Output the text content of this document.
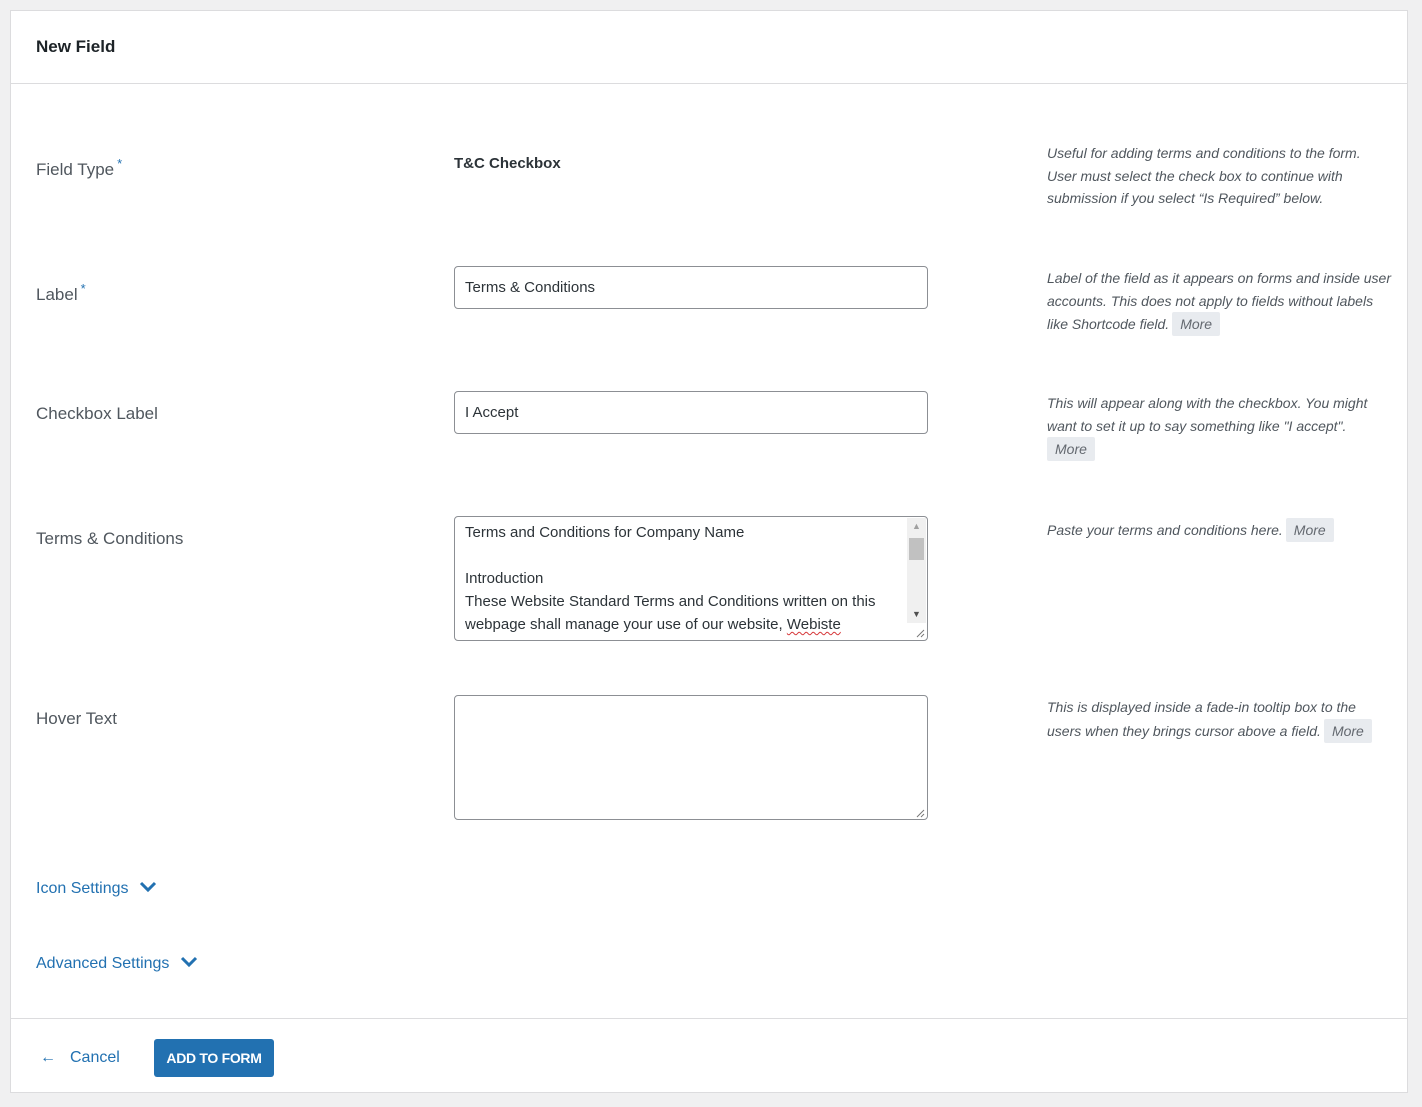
New Field
Field Type *	T&C Checkbox
Useful for adding terms and conditions to the form. User must select the check box to continue with submission if you select “Is Required” below.
Label *	Terms & Conditions
Label of the field as it appears on forms and inside user accounts. This does not apply to fields without labels like Shortcode field. More
Checkbox Label	I Accept
This will appear along with the checkbox. You might want to set it up to say something like "I accept".
More
Terms & Conditions	Terms and Conditions for Company Name
Introduction
These Website Standard Terms and Conditions written on this
webpage shall manage your use of our website, Webiste
▲
▼
Paste your terms and conditions here. More
Hover Text
This is displayed inside a fade-in tooltip box to the users when they brings cursor above a field. More
Icon Settings
Advanced Settings
← Cancel	ADD TO FORM
